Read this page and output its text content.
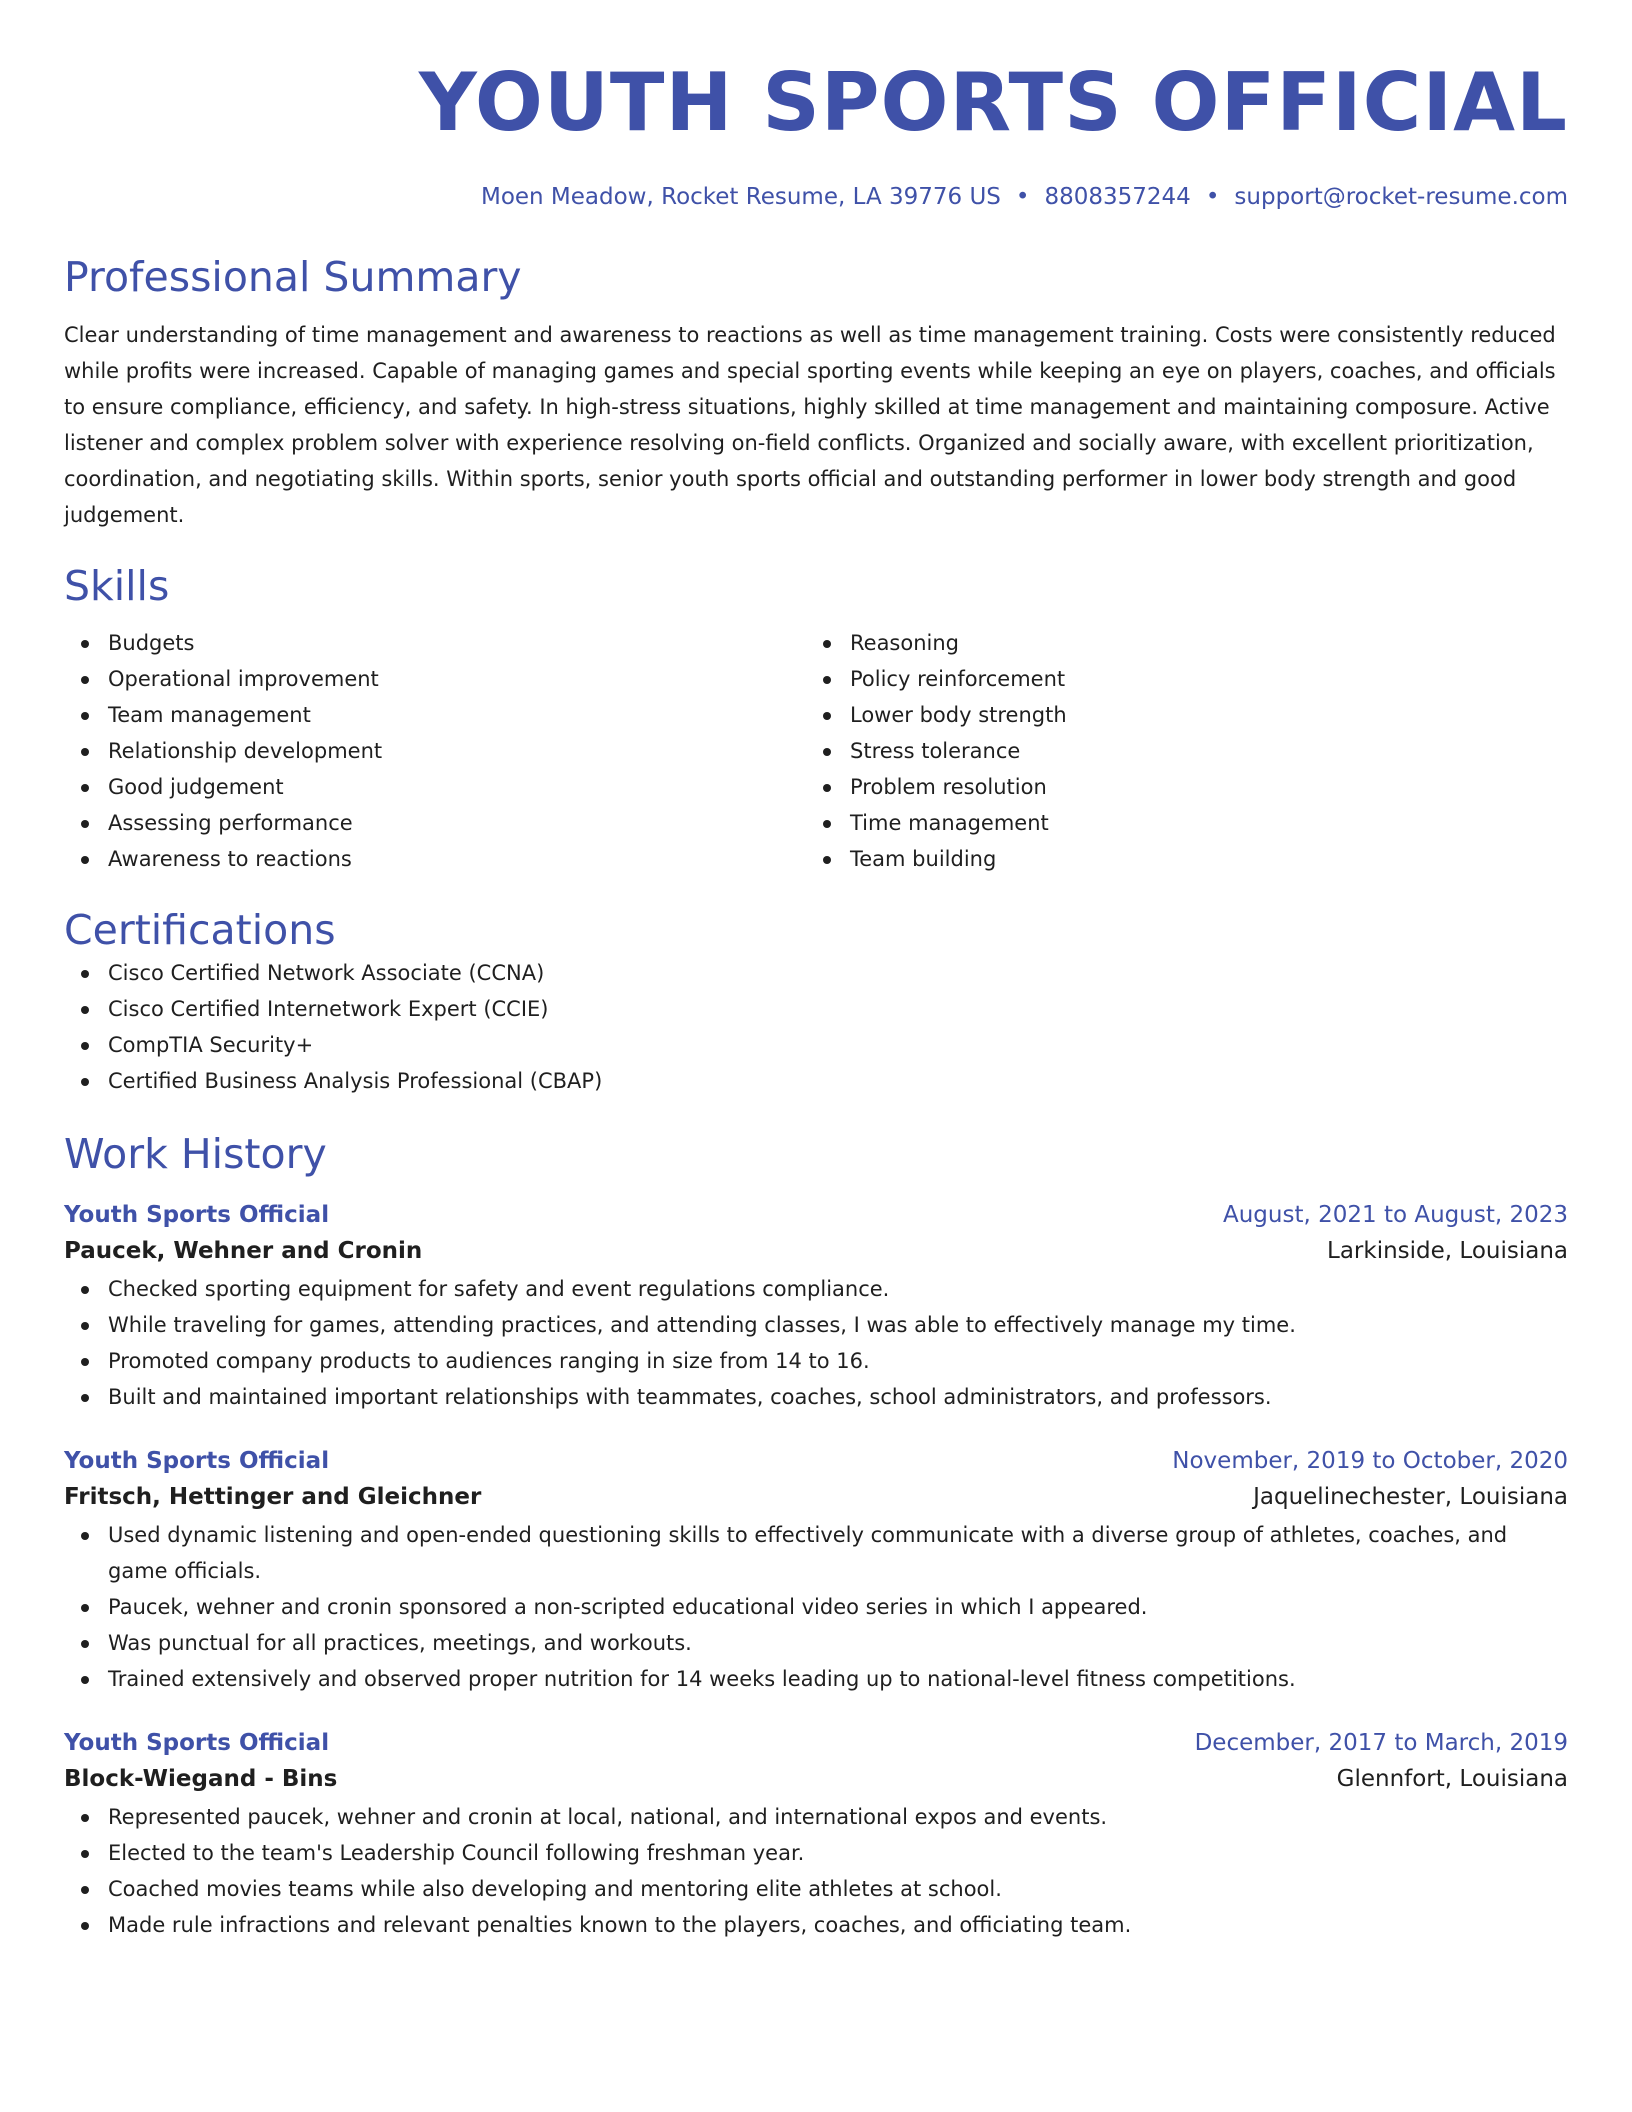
YOUTH SPORTS OFFICIAL
Moen Meadow, Rocket Resume, LA 39776 US • 8808357244 • support@rocket-resume.com
Professional Summary
Clear understanding of time management and awareness to reactions as well as time management training. Costs were consistently reduced while profits were increased. Capable of managing games and special sporting events while keeping an eye on players, coaches, and officials to ensure compliance, efficiency, and safety. In high-stress situations, highly skilled at time management and maintaining composure. Active listener and complex problem solver with experience resolving on-field conflicts. Organized and socially aware, with excellent prioritization, coordination, and negotiating skills. Within sports, senior youth sports official and outstanding performer in lower body strength and good judgement.
Skills
Budgets
Operational improvement
Team management
Relationship development
Good judgement
Assessing performance
Awareness to reactions
Reasoning
Policy reinforcement
Lower body strength
Stress tolerance
Problem resolution
Time management
Team building
Certifications
Cisco Certified Network Associate (CCNA)
Cisco Certified Internetwork Expert (CCIE)
CompTIA Security+
Certified Business Analysis Professional (CBAP)
Work History
Youth Sports Official	August, 2021 to August, 2023
Paucek, Wehner and Cronin	Larkinside, Louisiana
Checked sporting equipment for safety and event regulations compliance.
While traveling for games, attending practices, and attending classes, I was able to effectively manage my time.
Promoted company products to audiences ranging in size from 14 to 16.
Built and maintained important relationships with teammates, coaches, school administrators, and professors.
Youth Sports Official	November, 2019 to October, 2020
Fritsch, Hettinger and Gleichner	Jaquelinechester, Louisiana
Used dynamic listening and open-ended questioning skills to effectively communicate with a diverse group of athletes, coaches, and game officials.
Paucek, wehner and cronin sponsored a non-scripted educational video series in which I appeared.
Was punctual for all practices, meetings, and workouts.
Trained extensively and observed proper nutrition for 14 weeks leading up to national-level fitness competitions.
Youth Sports Official	December, 2017 to March, 2019
Block-Wiegand - Bins	Glennfort, Louisiana
Represented paucek, wehner and cronin at local, national, and international expos and events.
Elected to the team's Leadership Council following freshman year.
Coached movies teams while also developing and mentoring elite athletes at school.
Made rule infractions and relevant penalties known to the players, coaches, and officiating team.
